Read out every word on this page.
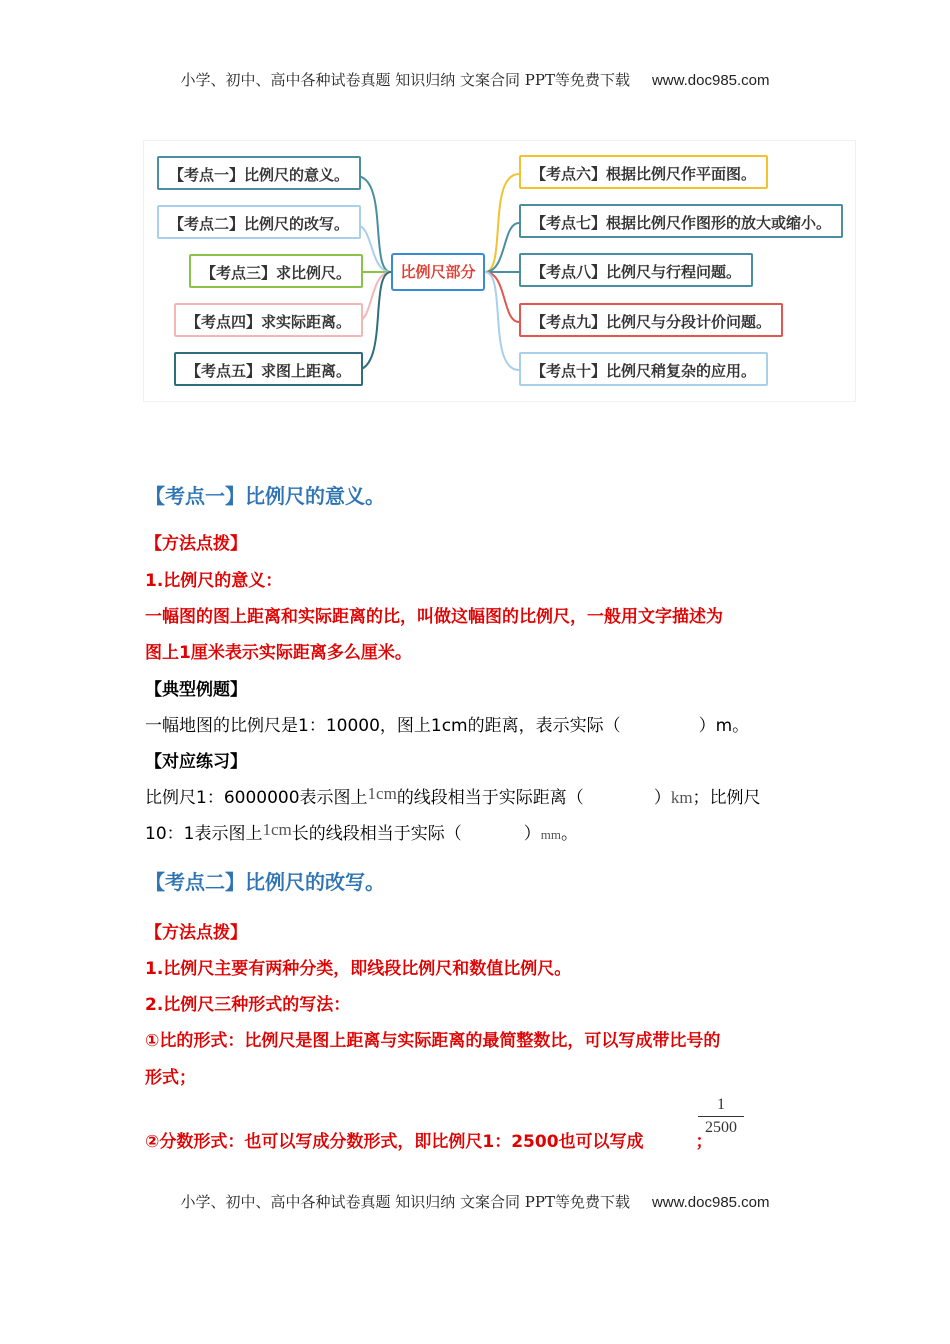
小学、初中、高中各种试卷真题 知识归纳 文案合同 PPT等免费下载 www.doc985.com
【考点一】比例尺的意义。
【考点二】比例尺的改写。
【考点三】求比例尺。
【考点四】求实际距离。
【考点五】求图上距离。
比例尺部分
【考点六】根据比例尺作平面图。
【考点七】根据比例尺作图形的放大或缩小。
【考点八】比例尺与行程问题。
【考点九】比例尺与分段计价问题。
【考点十】比例尺稍复杂的应用。
【考点一】比例尺的意义。
【方法点拨】
1.比例尺的意义：
一幅图的图上距离和实际距离的比，叫做这幅图的比例尺，一般用文字描述为
图上1厘米表示实际距离多么厘米。
【典型例题】
一幅地图的比例尺是1：10000，图上1cm的距离，表示实际（	）m。
【对应练习】
比例尺1：6000000表示图上1cm的线段相当于实际距离（	）km；比例尺
10：1表示图上1cm长的线段相当于实际（	）mm。
【考点二】比例尺的改写。
【方法点拨】
1.比例尺主要有两种分类，即线段比例尺和数值比例尺。
2.比例尺三种形式的写法：
①比的形式：比例尺是图上距离与实际距离的最简整数比，可以写成带比号的
形式；
②分数形式：也可以写成分数形式，即比例尺1：2500也可以写成	；
1
2500
小学、初中、高中各种试卷真题 知识归纳 文案合同 PPT等免费下载 www.doc985.com
